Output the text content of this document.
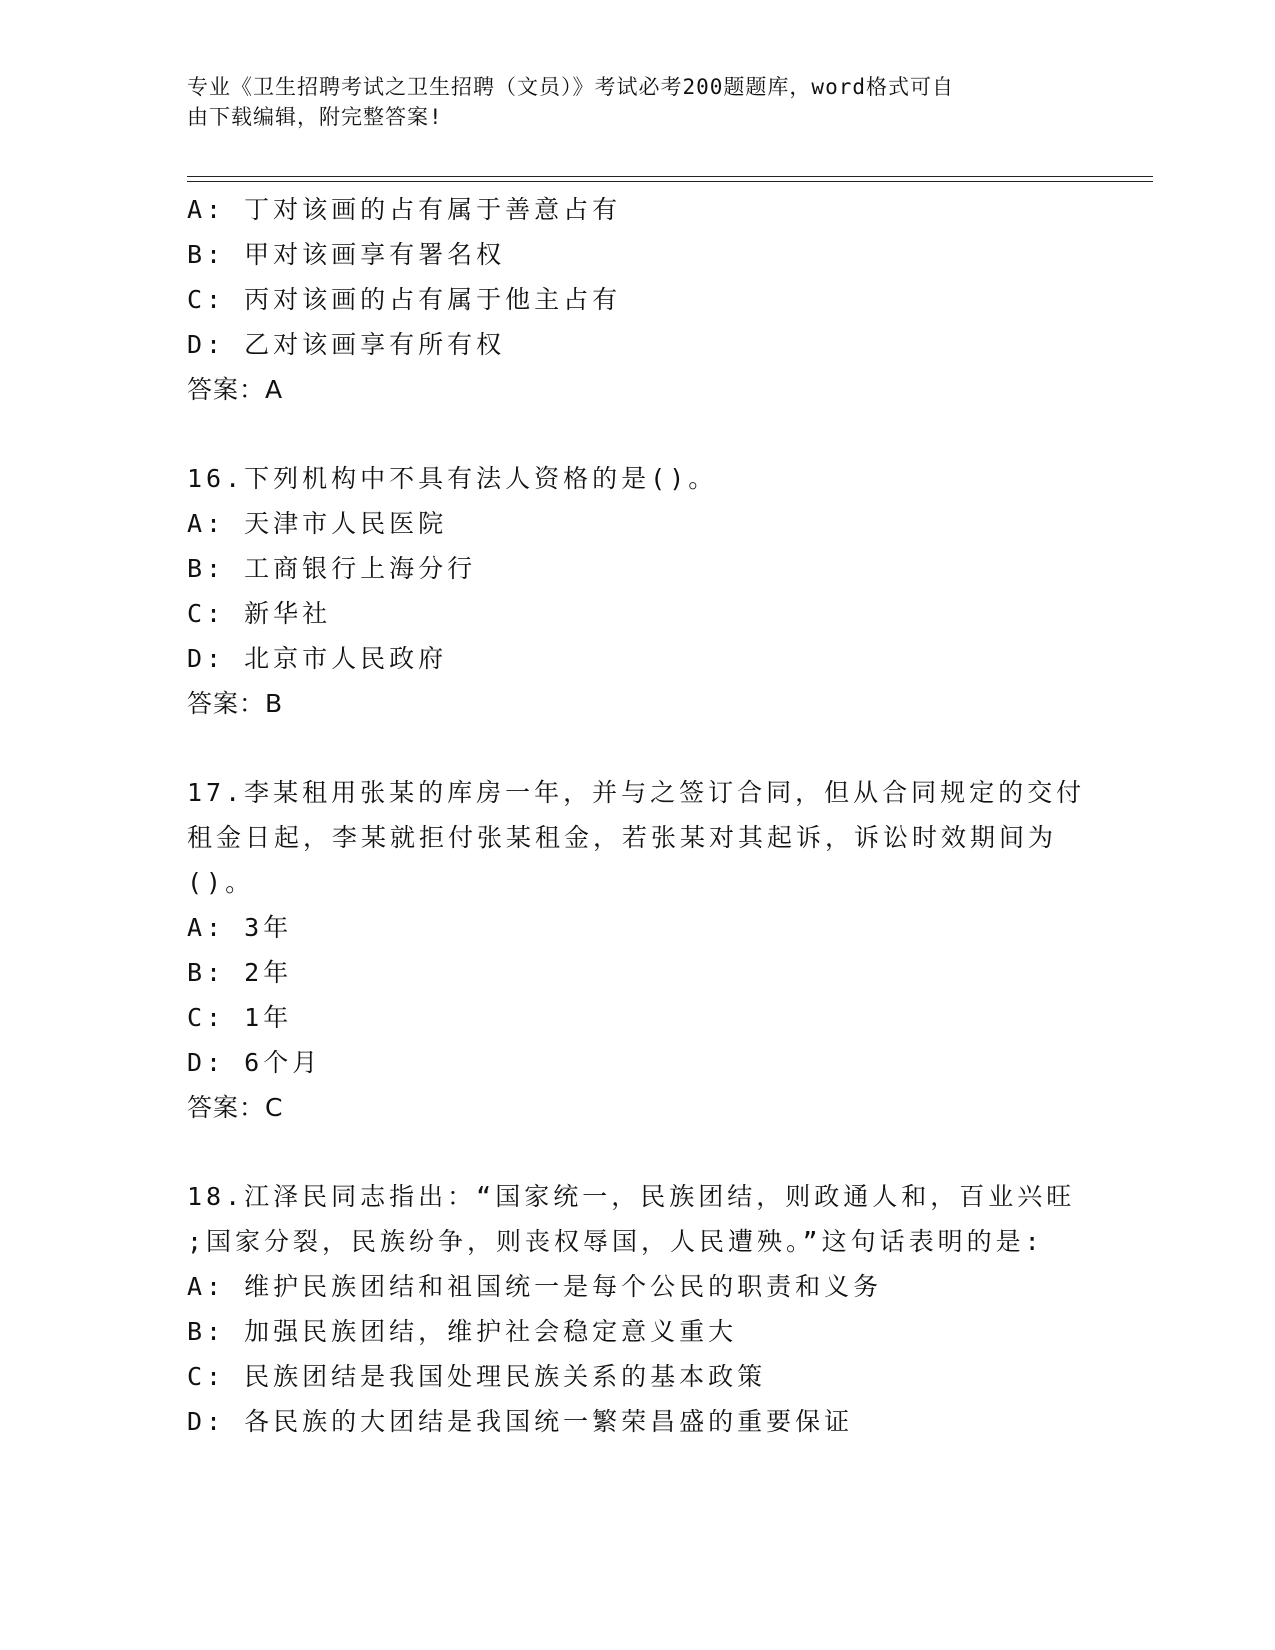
专业《卫生招聘考试之卫生招聘（文员）》考试必考200题题库，word格式可自
由下载编辑，附完整答案!
A: 丁对该画的占有属于善意占有
B: 甲对该画享有署名权
C: 丙对该画的占有属于他主占有
D: 乙对该画享有所有权
答案：A
16.下列机构中不具有法人资格的是()。
A: 天津市人民医院
B: 工商银行上海分行
C: 新华社
D: 北京市人民政府
答案：B
17.李某租用张某的库房一年，并与之签订合同，但从合同规定的交付
租金日起，李某就拒付张某租金，若张某对其起诉，诉讼时效期间为
()。
A: 3年
B: 2年
C: 1年
D: 6个月
答案：C
18.江泽民同志指出：“国家统一，民族团结，则政通人和，百业兴旺
;国家分裂，民族纷争，则丧权辱国，人民遭殃。”这句话表明的是:
A: 维护民族团结和祖国统一是每个公民的职责和义务
B: 加强民族团结，维护社会稳定意义重大
C: 民族团结是我国处理民族关系的基本政策
D: 各民族的大团结是我国统一繁荣昌盛的重要保证
